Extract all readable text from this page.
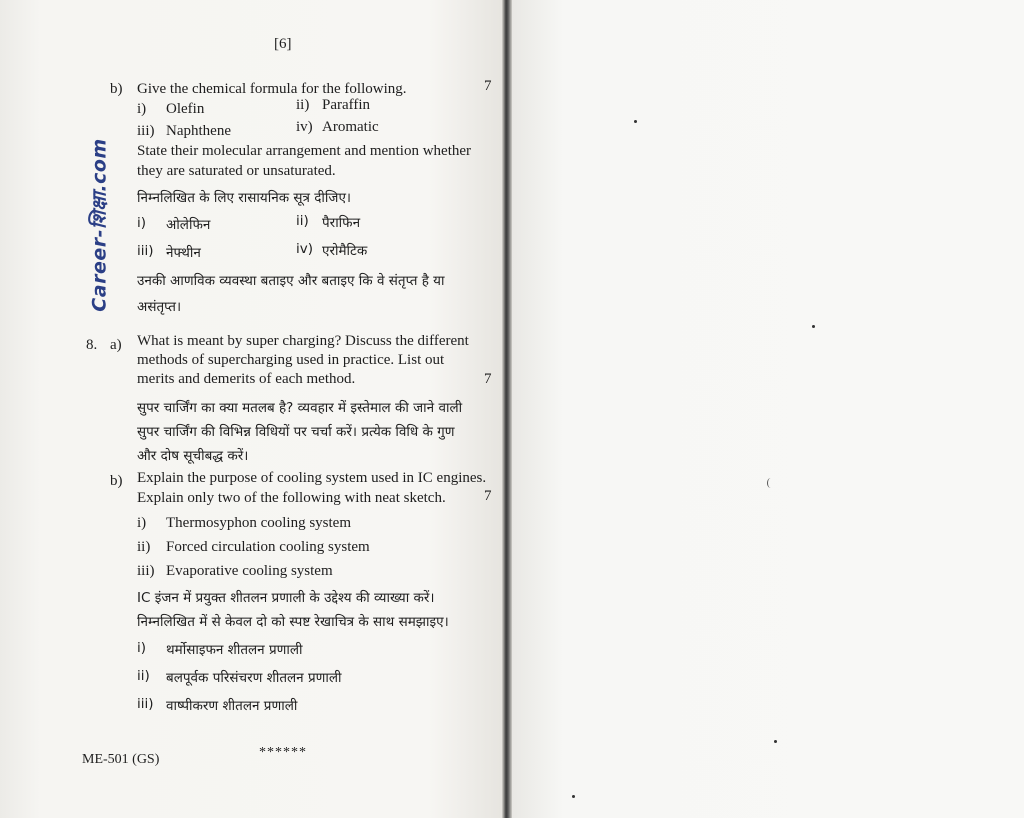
[6]
Career-शिक्षा.com
b) Give the chemical formula for the following.	7
i) Olefin	ii) Paraffin
iii) Naphthene	iv) Aromatic
State their molecular arrangement and mention whether
they are saturated or unsaturated.
निम्नलिखित के लिए रासायनिक सूत्र दीजिए।
i) ओलेफिन	ii) पैराफिन
iii) नेफ्थीन	iv) एरोमैटिक
उनकी आणविक व्यवस्था बताइए और बताइए कि वे संतृप्त है या
असंतृप्त।
8. a) What is meant by super charging? Discuss the different
methods of supercharging used in practice. List out
merits and demerits of each method.	7
सुपर चार्जिंग का क्या मतलब है? व्यवहार में इस्तेमाल की जाने वाली
सुपर चार्जिंग की विभिन्न विधियों पर चर्चा करें। प्रत्येक विधि के गुण
और दोष सूचीबद्ध करें।
b) Explain the purpose of cooling system used in IC engines.
Explain only two of the following with neat sketch.	7
i) Thermosyphon cooling system
ii) Forced circulation cooling system
iii) Evaporative cooling system
IC इंजन में प्रयुक्त शीतलन प्रणाली के उद्देश्य की व्याख्या करें।
निम्नलिखित में से केवल दो को स्पष्ट रेखाचित्र के साथ समझाइए।
i) थर्मोसाइफन शीतलन प्रणाली
ii) बलपूर्वक परिसंचरण शीतलन प्रणाली
iii) वाष्पीकरण शीतलन प्रणाली
******
ME-501 (GS)
